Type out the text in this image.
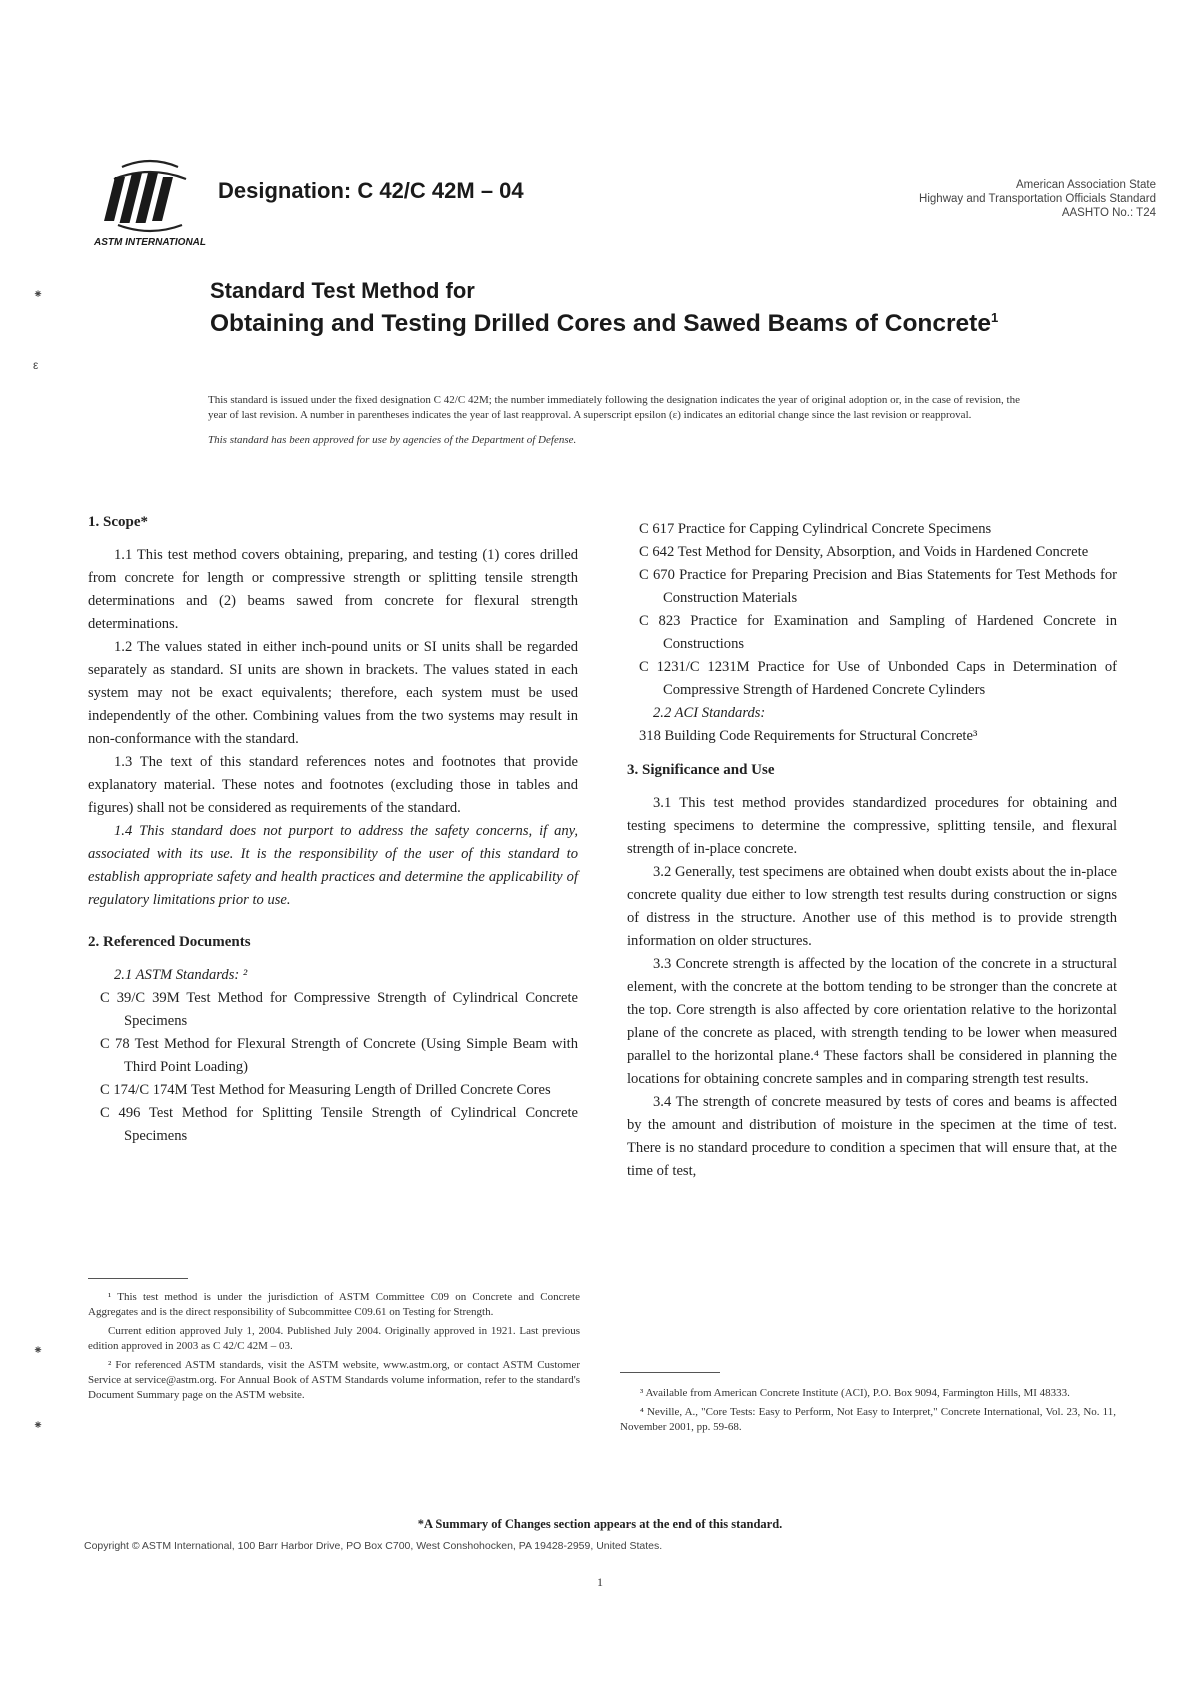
ASTM INTERNATIONAL
Designation: C 42/C 42M – 04	American Association State
Highway and Transportation Officials Standard
AASHTO No.: T24
⁕
ε
⁕
⁕
Standard Test Method for
Obtaining and Testing Drilled Cores and Sawed Beams of Concrete$^1$

This standard is issued under the fixed designation C 42/C 42M; the number immediately following the designation indicates the year of original adoption or, in the case of revision, the year of last revision. A number in parentheses indicates the year of last reapproval. A superscript epsilon (ε) indicates an editorial change since the last revision or reapproval.

This standard has been approved for use by agencies of the Department of Defense.

1. Scope*

1.1 This test method covers obtaining, preparing, and testing (1) cores drilled from concrete for length or compressive strength or splitting tensile strength determinations and (2) beams sawed from concrete for flexural strength determinations.

1.2 The values stated in either inch-pound units or SI units shall be regarded separately as standard. SI units are shown in brackets. The values stated in each system may not be exact equivalents; therefore, each system must be used independently of the other. Combining values from the two systems may result in non-conformance with the standard.

1.3 The text of this standard references notes and footnotes that provide explanatory material. These notes and footnotes (excluding those in tables and figures) shall not be considered as requirements of the standard.

1.4 This standard does not purport to address the safety concerns, if any, associated with its use. It is the responsibility of the user of this standard to establish appropriate safety and health practices and determine the applicability of regulatory limitations prior to use.

2. Referenced Documents

2.1 ASTM Standards: ²

C 39/C 39M Test Method for Compressive Strength of Cylindrical Concrete Specimens

C 78 Test Method for Flexural Strength of Concrete (Using Simple Beam with Third Point Loading)

C 174/C 174M Test Method for Measuring Length of Drilled Concrete Cores

C 496 Test Method for Splitting Tensile Strength of Cylindrical Concrete Specimens

C 617 Practice for Capping Cylindrical Concrete Specimens

C 642 Test Method for Density, Absorption, and Voids in Hardened Concrete

C 670 Practice for Preparing Precision and Bias Statements for Test Methods for Construction Materials

C 823 Practice for Examination and Sampling of Hardened Concrete in Constructions

C 1231/C 1231M Practice for Use of Unbonded Caps in Determination of Compressive Strength of Hardened Concrete Cylinders

2.2 ACI Standards:

318 Building Code Requirements for Structural Concrete³

3. Significance and Use

3.1 This test method provides standardized procedures for obtaining and testing specimens to determine the compressive, splitting tensile, and flexural strength of in-place concrete.

3.2 Generally, test specimens are obtained when doubt exists about the in-place concrete quality due either to low strength test results during construction or signs of distress in the structure. Another use of this method is to provide strength information on older structures.

3.3 Concrete strength is affected by the location of the concrete in a structural element, with the concrete at the bottom tending to be stronger than the concrete at the top. Core strength is also affected by core orientation relative to the horizontal plane of the concrete as placed, with strength tending to be lower when measured parallel to the horizontal plane.⁴ These factors shall be considered in planning the locations for obtaining concrete samples and in comparing strength test results.

3.4 The strength of concrete measured by tests of cores and beams is affected by the amount and distribution of moisture in the specimen at the time of test. There is no standard procedure to condition a specimen that will ensure that, at the time of test,

¹ This test method is under the jurisdiction of ASTM Committee C09 on Concrete and Concrete Aggregates and is the direct responsibility of Subcommittee C09.61 on Testing for Strength.

Current edition approved July 1, 2004. Published July 2004. Originally approved in 1921. Last previous edition approved in 2003 as C 42/C 42M – 03.

² For referenced ASTM standards, visit the ASTM website, www.astm.org, or contact ASTM Customer Service at service@astm.org. For Annual Book of ASTM Standards volume information, refer to the standard's Document Summary page on the ASTM website.	³ Available from American Concrete Institute (ACI), P.O. Box 9094, Farmington Hills, MI 48333.

⁴ Neville, A., "Core Tests: Easy to Perform, Not Easy to Interpret," Concrete International, Vol. 23, No. 11, November 2001, pp. 59-68.

*A Summary of Changes section appears at the end of this standard.
Copyright © ASTM International, 100 Barr Harbor Drive, PO Box C700, West Conshohocken, PA 19428-2959, United States.
1
